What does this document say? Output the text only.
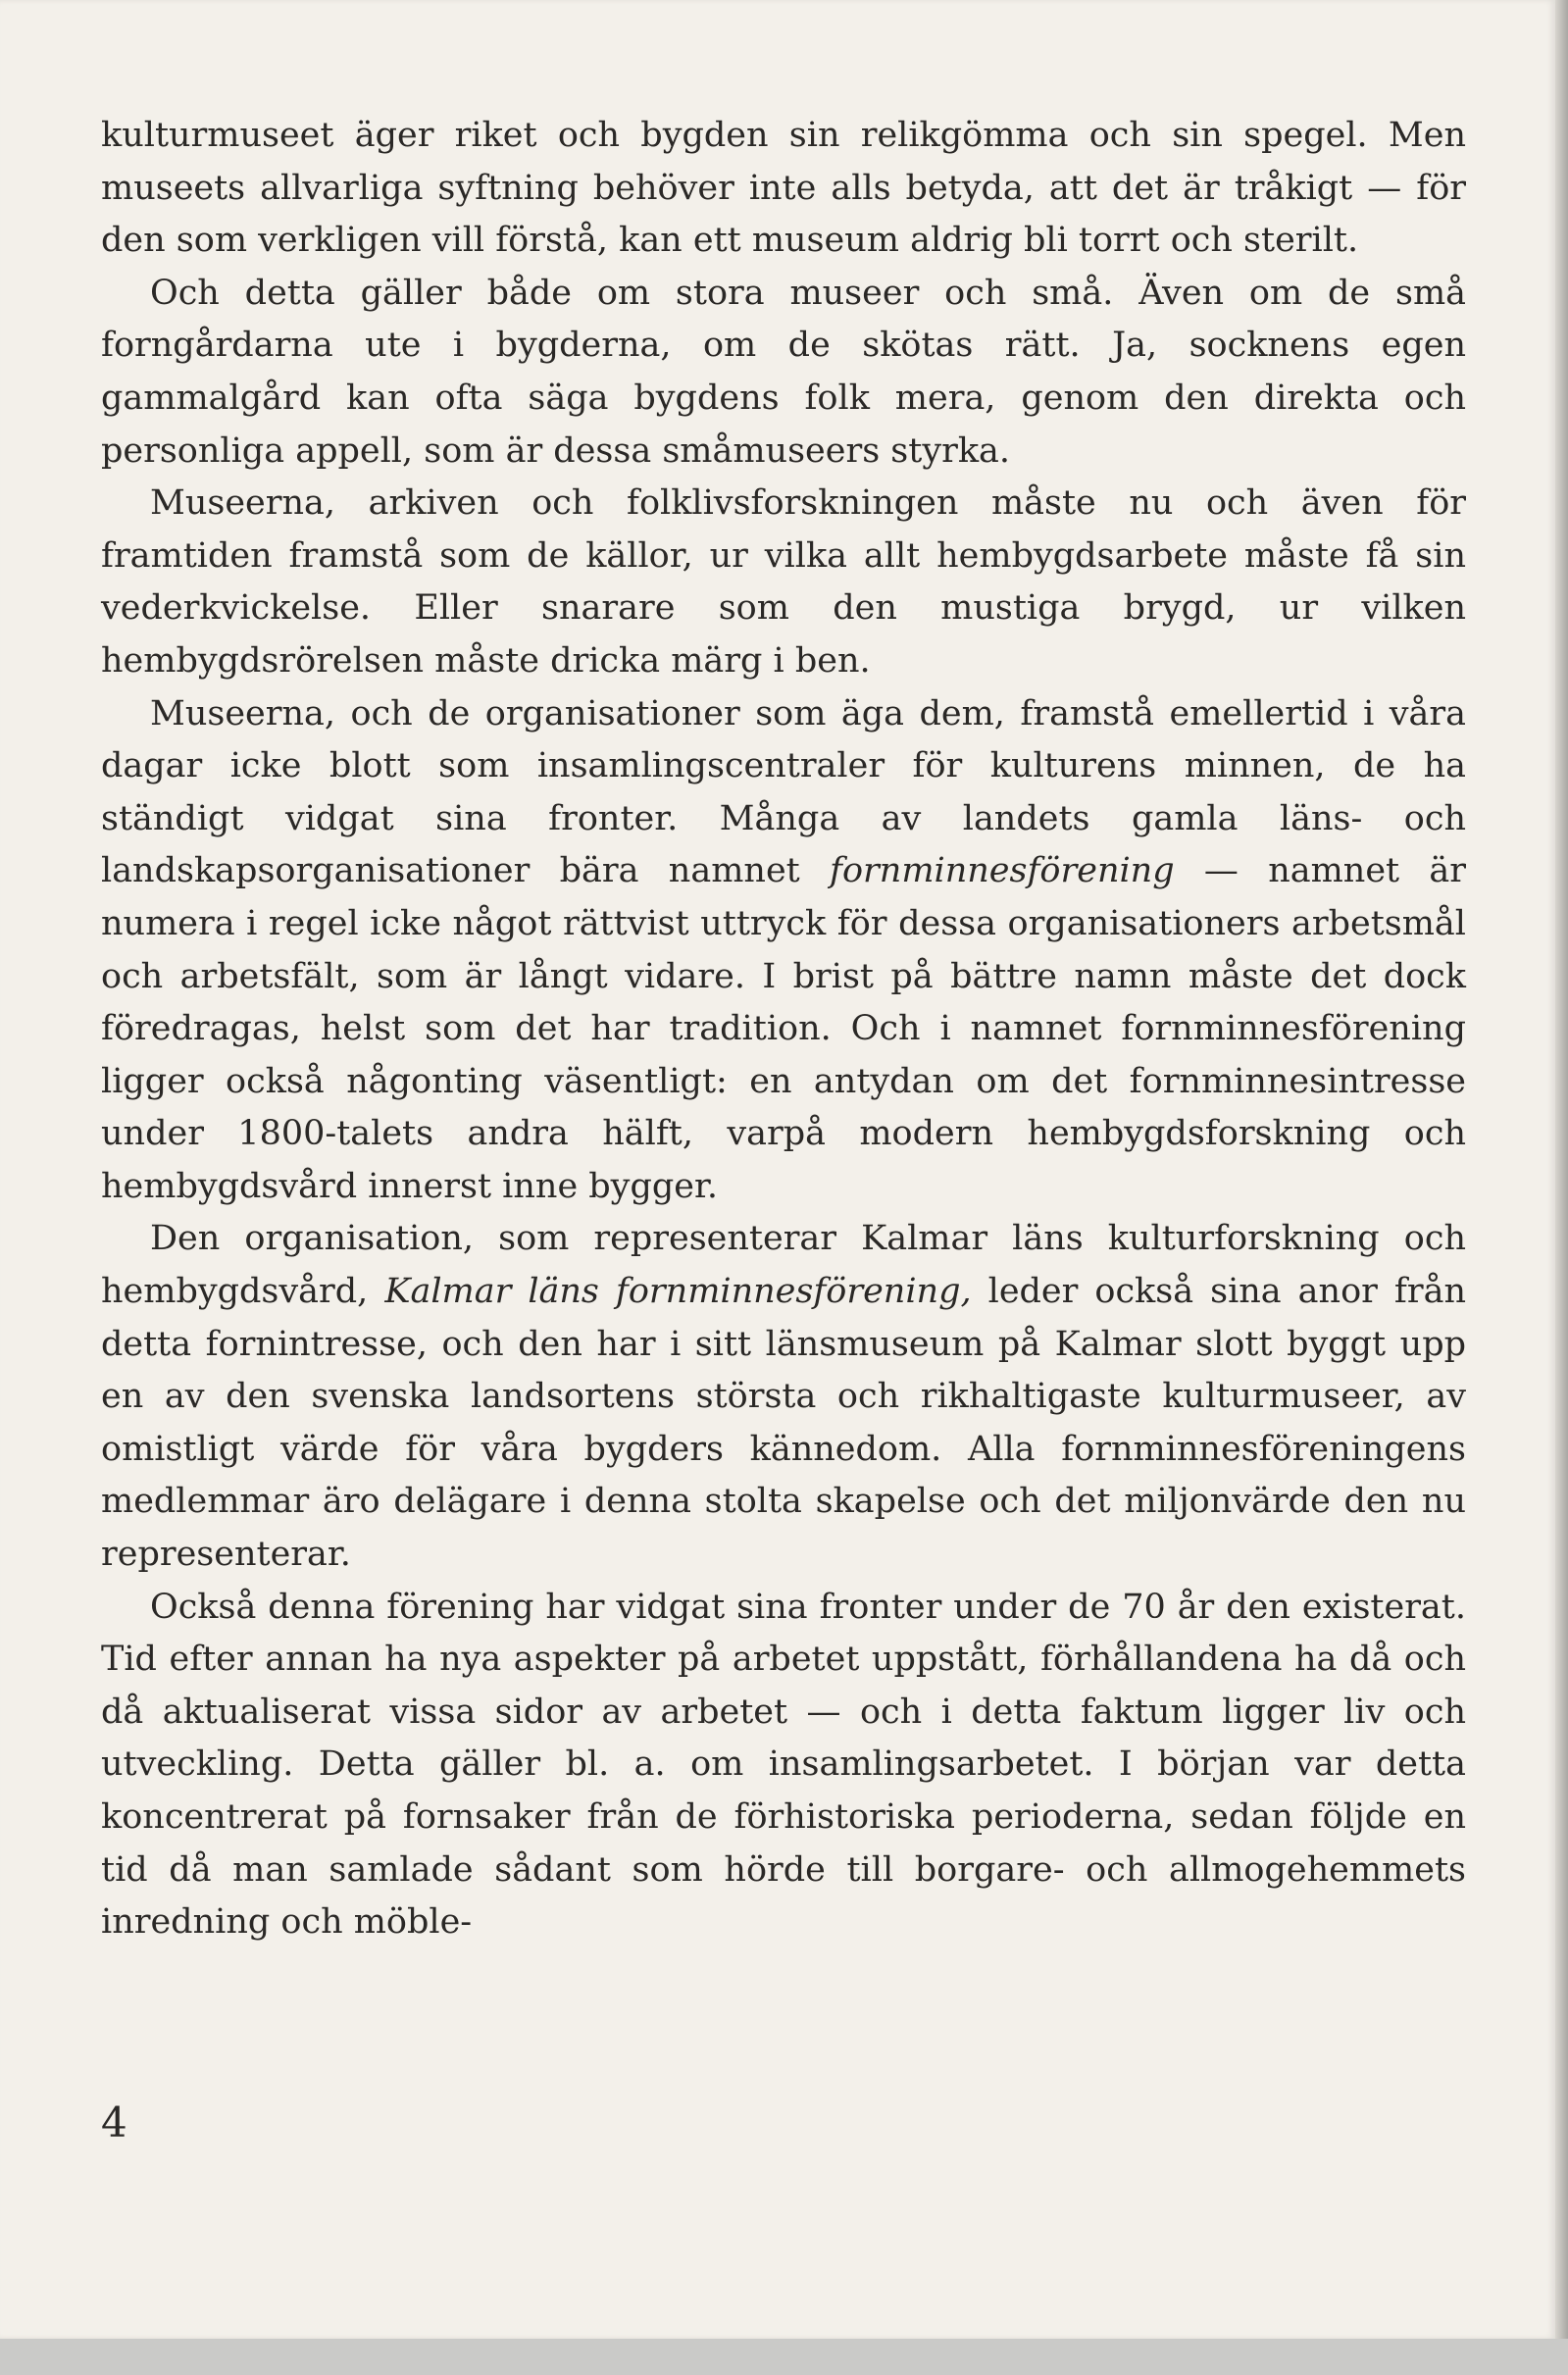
kulturmuseet äger riket och bygden sin relikgömma och sin spegel. Men museets allvarliga syftning behöver inte alls betyda, att det är tråkigt — för den som verkligen vill förstå, kan ett museum aldrig bli torrt och sterilt.

Och detta gäller både om stora museer och små. Även om de små forngårdarna ute i bygderna, om de skötas rätt. Ja, socknens egen gammalgård kan ofta säga bygdens folk mera, genom den direkta och personliga appell, som är dessa småmuseers styrka.

Museerna, arkiven och folklivsforskningen måste nu och även för framtiden framstå som de källor, ur vilka allt hembygdsarbete måste få sin vederkvickelse. Eller snarare som den mustiga brygd, ur vilken hembygdsrörelsen måste dricka märg i ben.

Museerna, och de organisationer som äga dem, framstå emellertid i våra dagar icke blott som insamlingscentraler för kulturens minnen, de ha ständigt vidgat sina fronter. Många av landets gamla läns- och landskapsorganisationer bära namnet fornminnesförening — namnet är numera i regel icke något rättvist uttryck för dessa organisationers arbetsmål och arbetsfält, som är långt vidare. I brist på bättre namn måste det dock föredragas, helst som det har tradition. Och i namnet fornminnesförening ligger också någonting väsentligt: en antydan om det fornminnesintresse under 1800-talets andra hälft, varpå modern hembygdsforskning och hembygdsvård innerst inne bygger.

Den organisation, som representerar Kalmar läns kulturforskning och hembygdsvård, Kalmar läns fornminnesförening, leder också sina anor från detta fornintresse, och den har i sitt länsmuseum på Kalmar slott byggt upp en av den svenska landsortens största och rikhaltigaste kulturmuseer, av omistligt värde för våra bygders kännedom. Alla fornminnesföreningens medlemmar äro delägare i denna stolta skapelse och det miljonvärde den nu representerar.

Också denna förening har vidgat sina fronter under de 70 år den existerat. Tid efter annan ha nya aspekter på arbetet uppstått, förhållandena ha då och då aktualiserat vissa sidor av arbetet — och i detta faktum ligger liv och utveckling. Detta gäller bl. a. om insamlingsarbetet. I början var detta koncentrerat på fornsaker från de förhistoriska perioderna, sedan följde en tid då man samlade sådant som hörde till borgare- och allmogehemmets inredning och möble-

4
